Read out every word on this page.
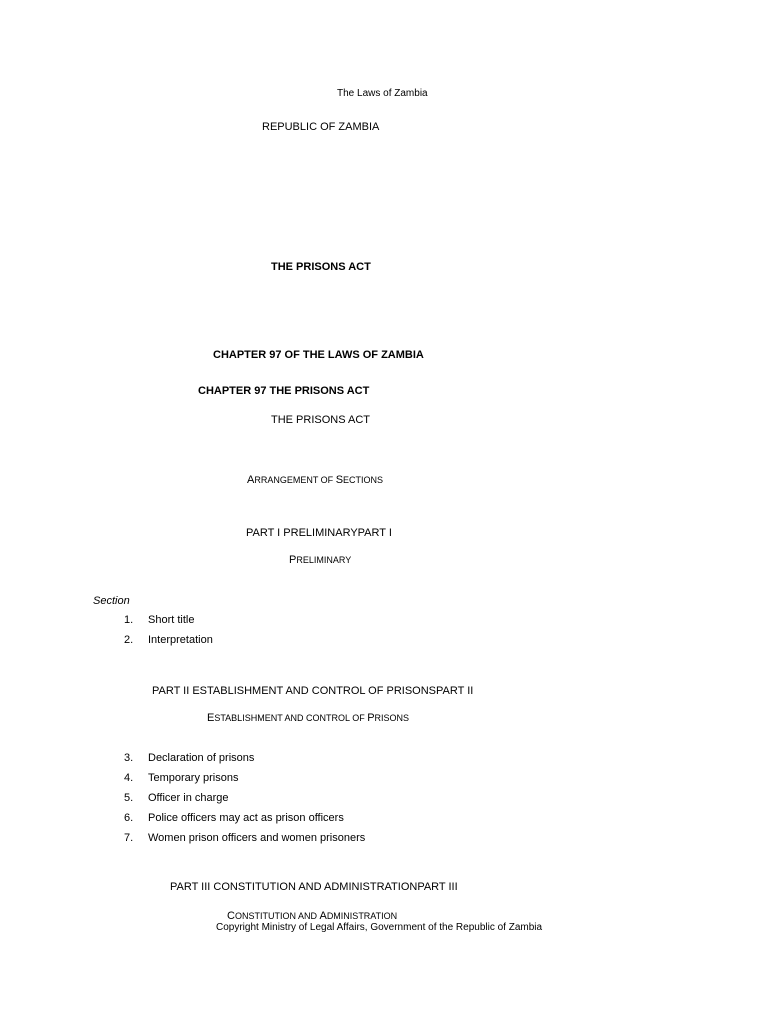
The Laws of Zambia
REPUBLIC OF ZAMBIA
THE PRISONS ACT
CHAPTER 97 OF THE LAWS OF ZAMBIA
CHAPTER 97 THE PRISONS ACT
THE PRISONS ACT
ARRANGEMENT OF SECTIONS
PART I PRELIMINARYPART I
PRELIMINARY
Section
1. Short title
2. Interpretation
PART II ESTABLISHMENT AND CONTROL OF PRISONSPART II
ESTABLISHMENT AND CONTROL OF PRISONS
3. Declaration of prisons
4. Temporary prisons
5. Officer in charge
6. Police officers may act as prison officers
7. Women prison officers and women prisoners
PART III CONSTITUTION AND ADMINISTRATIONPART III
CONSTITUTION AND ADMINISTRATION
Copyright Ministry of Legal Affairs, Government of the Republic of Zambia
